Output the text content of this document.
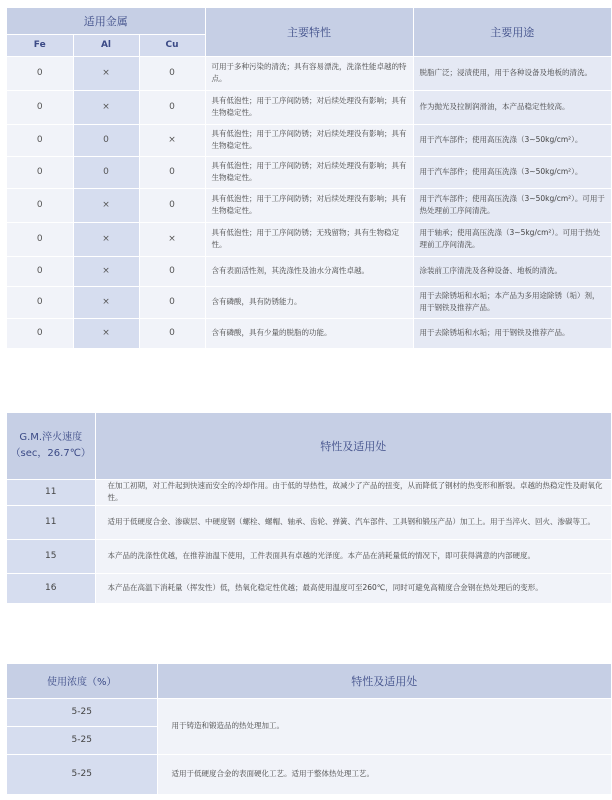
适用金属			主要特性	主要用途
Fe	Al	Cu		
0	×	0	可用于多种污染的清洗；具有容易漂洗，洗涤性能卓越的特点。	脱脂广泛；浸渍使用，用于各种设备及地板的清洗。
0	×	0	具有低泡性；用于工序间防锈；对后续处理没有影响；具有生物稳定性。	作为抛光及拉制润滑油，本产品稳定性较高。
0	0	×	具有低泡性；用于工序间防锈；对后续处理没有影响；具有生物稳定性。	用于汽车部件；使用高压洗涤（3~50kg/cm²）。
0	0	0	具有低泡性；用于工序间防锈；对后续处理没有影响；具有生物稳定性。	用于汽车部件；使用高压洗涤（3~50kg/cm²）。
0	×	0	具有低泡性；用于工序间防锈；对后续处理没有影响；具有生物稳定性。	用于汽车部件；使用高压洗涤（3~50kg/cm²）。可用于热处理前工序间清洗。
0	×	×	具有低泡性；用于工序间防锈；无残留物；具有生物稳定性。	用于轴承；使用高压洗涤（3~5kg/cm²）。可用于热处理前工序间清洗。
0	×	0	含有表面活性剂，其洗涤性及油水分离性卓越。	涂装前工序清洗及各种设备、地板的清洗。
0	×	0	含有磷酸，具有防锈能力。	用于去除锈垢和水垢；本产品为多用途除锈（垢）剂，用于钢铁及推荐产品。
0	×	0	含有磷酸，具有少量的脱脂的功能。	用于去除锈垢和水垢；用于钢铁及推荐产品。
G.M.淬火速度
（sec，26.7℃）	特性及适用处
11	在加工初期，对工件起到快速而安全的冷却作用。由于低的导热性，故减少了产品的扭变，从而降低了钢材的热变形和断裂。卓越的热稳定性及耐氧化性。
11	适用于低硬度合金、渗碳层、中硬度钢（螺栓、螺帽、轴承、齿轮、弹簧、汽车部件、工具钢和锻压产品）加工上。用于当淬火、回火、渗碳等工。
15	本产品的洗涤性优越，在推荐油温下使用，工件表面具有卓越的光泽度。本产品在消耗量低的情况下，即可获得满意的内部硬度。
16	本产品在高温下消耗量（挥发性）低，热氧化稳定性优越；最高使用温度可至260℃，同时可避免高精度合金钢在热处理后的变形。
使用浓度（%）	特性及适用处
5-25	用于铸造和锻造品的热处理加工。
5-25	
5-25	适用于低硬度合金的表面硬化工艺。适用于整体热处理工艺。
